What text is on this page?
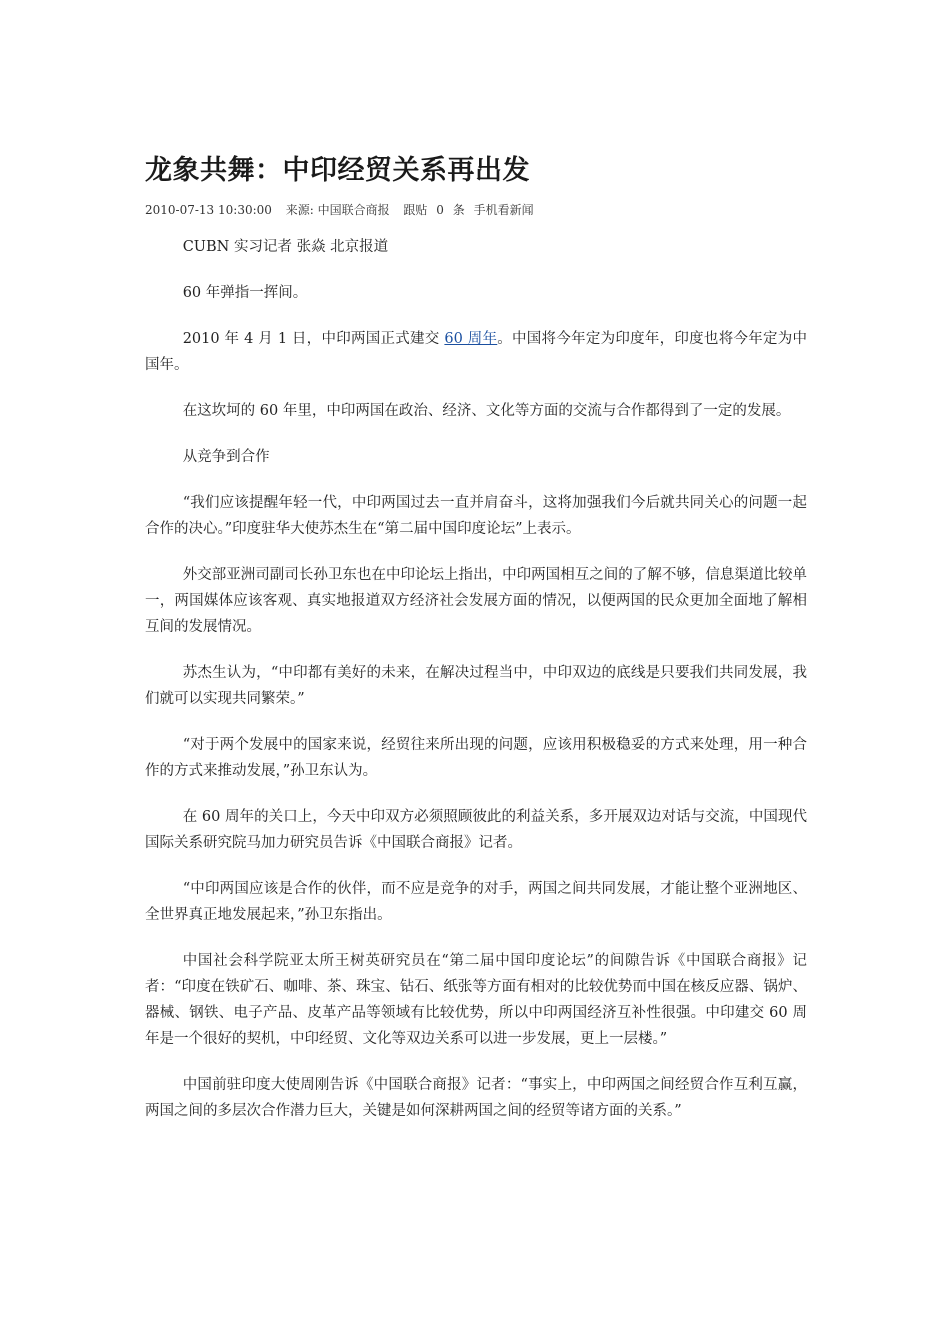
龙象共舞：中印经贸关系再出发
2010-07-13 10:30:00 来源: 中国联合商报 跟贴 0 条 手机看新闻

CUBN 实习记者 张焱 北京报道

60 年弹指一挥间。

2010 年 4 月 1 日，中印两国正式建交 60 周年。中国将今年定为印度年，印度也将今年定为中国年。

在这坎坷的 60 年里，中印两国在政治、经济、文化等方面的交流与合作都得到了一定的发展。

从竞争到合作

“我们应该提醒年轻一代，中印两国过去一直并肩奋斗，这将加强我们今后就共同关心的问题一起合作的决心。”印度驻华大使苏杰生在“第二届中国印度论坛”上表示。

外交部亚洲司副司长孙卫东也在中印论坛上指出，中印两国相互之间的了解不够，信息渠道比较单一，两国媒体应该客观、真实地报道双方经济社会发展方面的情况，以便两国的民众更加全面地了解相互间的发展情况。

苏杰生认为，“中印都有美好的未来，在解决过程当中，中印双边的底线是只要我们共同发展，我们就可以实现共同繁荣。”

“对于两个发展中的国家来说，经贸往来所出现的问题，应该用积极稳妥的方式来处理，用一种合作的方式来推动发展，”孙卫东认为。

在 60 周年的关口上，今天中印双方必须照顾彼此的利益关系，多开展双边对话与交流，中国现代国际关系研究院马加力研究员告诉《中国联合商报》记者。

“中印两国应该是合作的伙伴，而不应是竞争的对手，两国之间共同发展，才能让整个亚洲地区、全世界真正地发展起来，”孙卫东指出。

中国社会科学院亚太所王树英研究员在“第二届中国印度论坛”的间隙告诉《中国联合商报》记者：“印度在铁矿石、咖啡、茶、珠宝、钻石、纸张等方面有相对的比较优势而中国在核反应器、锅炉、器械、钢铁、电子产品、皮革产品等领域有比较优势，所以中印两国经济互补性很强。中印建交 60 周年是一个很好的契机，中印经贸、文化等双边关系可以进一步发展，更上一层楼。”

中国前驻印度大使周刚告诉《中国联合商报》记者：“事实上，中印两国之间经贸合作互利互赢，两国之间的多层次合作潜力巨大，关键是如何深耕两国之间的经贸等诸方面的关系。”
